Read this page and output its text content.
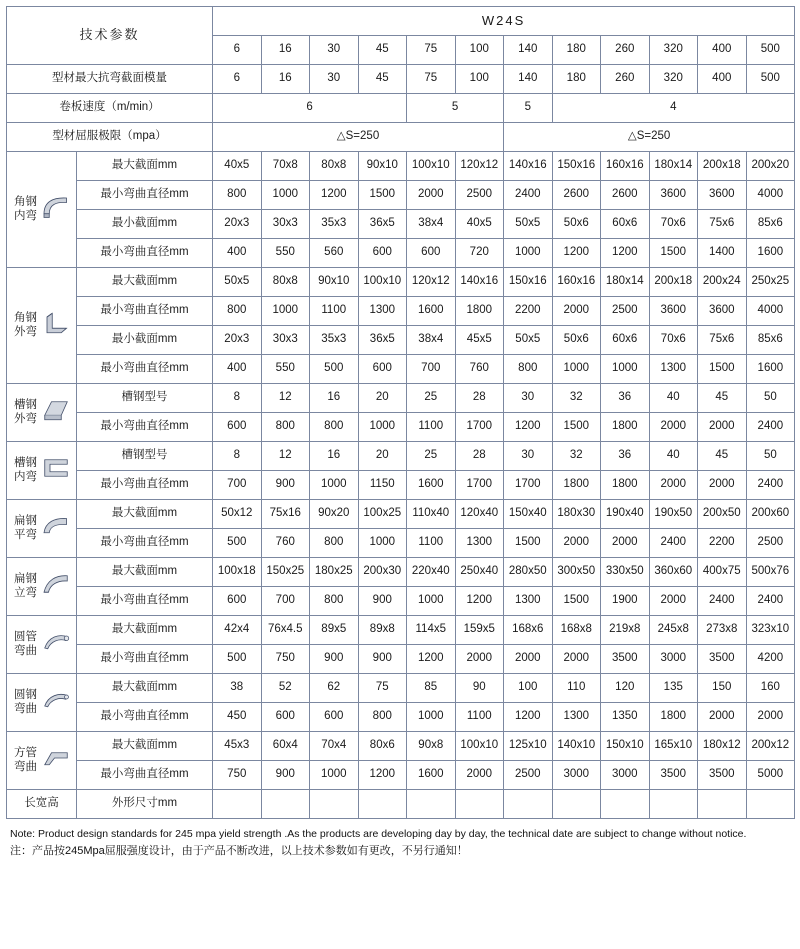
技术参数		W24S											
		6	16	30	45	75	100	140	180	260	320	400	500
型材最大抗弯截面模量		6	16	30	45	75	100	140	180	260	320	400	500
卷板速度（m/min）		6				5		5	4				
型材屈服极限（mpa）		△S=250						△S=250					

角钢内弯	最大截面mm	40x5	70x8	80x8	90x10	100x10	120x12	140x16	150x16	160x16	180x14	200x18	200x20
	最小弯曲直径mm	800	1000	1200	1500	2000	2500	2400	2600	2600	3600	3600	4000
	最小截面mm	20x3	30x3	35x3	36x5	38x4	40x5	50x5	50x6	60x6	70x6	75x6	85x6
	最小弯曲直径mm	400	550	560	600	600	720	1000	1200	1200	1500	1400	1600

角钢外弯	最大截面mm	50x5	80x8	90x10	100x10	120x12	140x16	150x16	160x16	180x14	200x18	200x24	250x25
	最小弯曲直径mm	800	1000	1100	1300	1600	1800	2200	2000	2500	3600	3600	4000
	最小截面mm	20x3	30x3	35x3	36x5	38x4	45x5	50x5	50x6	60x6	70x6	75x6	85x6
	最小弯曲直径mm	400	550	500	600	700	760	800	1000	1000	1300	1500	1600

槽钢外弯	槽钢型号	8	12	16	20	25	28	30	32	36	40	45	50
	最小弯曲直径mm	600	800	800	1000	1100	1700	1200	1500	1800	2000	2000	2400

槽钢内弯	槽钢型号	8	12	16	20	25	28	30	32	36	40	45	50
	最小弯曲直径mm	700	900	1000	1150	1600	1700	1700	1800	1800	2000	2000	2400

扁钢平弯	最大截面mm	50x12	75x16	90x20	100x25	110x40	120x40	150x40	180x30	190x40	190x50	200x50	200x60
	最小弯曲直径mm	500	760	800	1000	1100	1300	1500	2000	2000	2400	2200	2500

扁钢立弯	最大截面mm	100x18	150x25	180x25	200x30	220x40	250x40	280x50	300x50	330x50	360x60	400x75	500x76
	最小弯曲直径mm	600	700	800	900	1000	1200	1300	1500	1900	2000	2400	2400

圆管弯曲	最大截面mm	42x4	76x4.5	89x5	89x8	114x5	159x5	168x6	168x8	219x8	245x8	273x8	323x10
	最小弯曲直径mm	500	750	900	900	1200	2000	2000	2000	3500	3000	3500	4200

圆钢弯曲	最大截面mm	38	52	62	75	85	90	100	110	120	135	150	160
	最小弯曲直径mm	450	600	600	800	1000	1100	1200	1300	1350	1800	2000	2000

方管弯曲	最大截面mm	45x3	60x4	70x4	80x6	90x8	100x10	125x10	140x10	150x10	165x10	180x12	200x12
	最小弯曲直径mm	750	900	1000	1200	1600	2000	2500	3000	3000	3500	3500	5000
长宽高	外形尺寸mm												
Note: Product design standards for 245 mpa yield strength .As the products are developing day by day, the technical date are subject to change without notice.
注：产品按245Mpa屈服强度设计，由于产品不断改进，以上技术参数如有更改，不另行通知！
